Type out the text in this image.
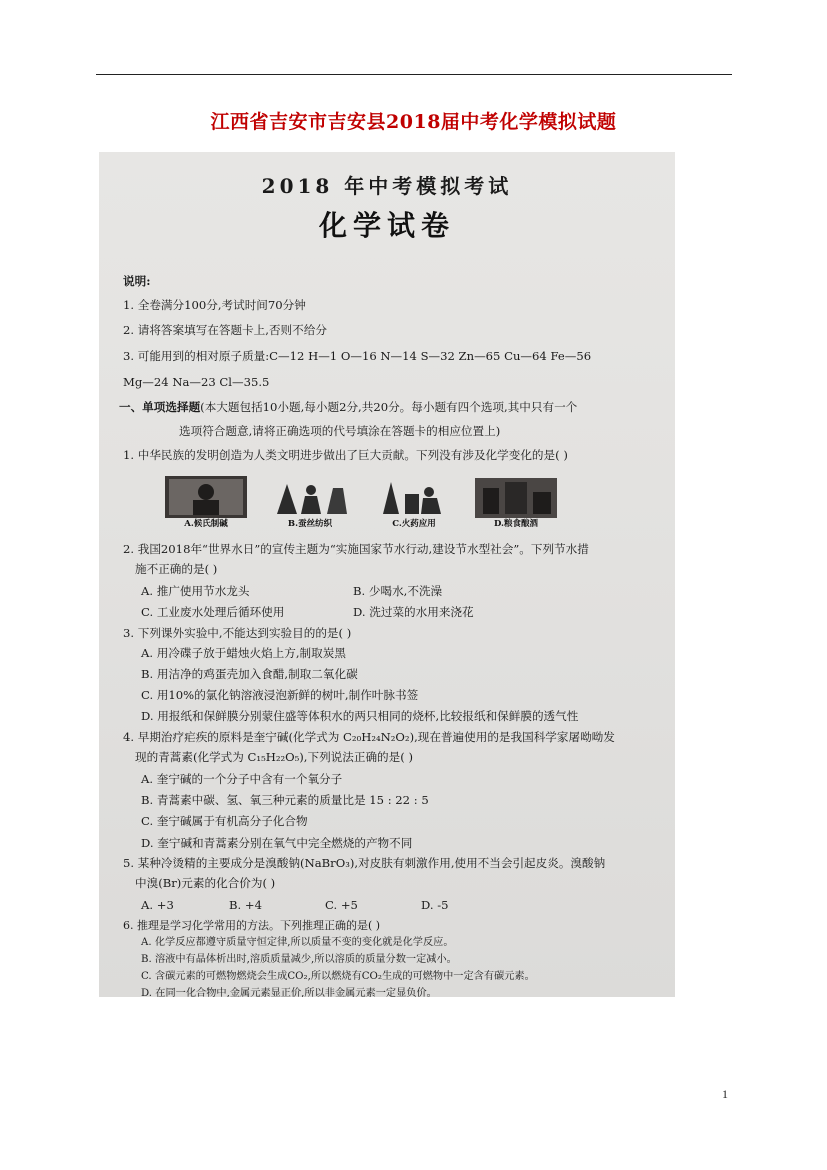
江西省吉安市吉安县2018届中考化学模拟试题
2018 年中考模拟考试
化学试卷
说明:
1. 全卷满分100分,考试时间70分钟
2. 请将答案填写在答题卡上,否则不给分
3. 可能用到的相对原子质量:C—12 H—1 O—16 N—14 S—32 Zn—65 Cu—64 Fe—56
Mg—24 Na—23 Cl—35.5
一、单项选择题(本大题包括10小题,每小题2分,共20分。每小题有四个选项,其中只有一个
选项符合题意,请将正确选项的代号填涂在答题卡的相应位置上)
1. 中华民族的发明创造为人类文明进步做出了巨大贡献。下列没有涉及化学变化的是( )
A.候氏制碱	B.蚕丝纺织	C.火药应用	D.粮食酿酒
2. 我国2018年“世界水日”的宣传主题为“实施国家节水行动,建设节水型社会”。下列节水措
施不正确的是( )
A. 推广使用节水龙头	B. 少喝水,不洗澡
C. 工业废水处理后循环使用	D. 洗过菜的水用来浇花
3. 下列课外实验中,不能达到实验目的的是( )
A. 用冷碟子放于蜡烛火焰上方,制取炭黑
B. 用洁净的鸡蛋壳加入食醋,制取二氧化碳
C. 用10%的氯化钠溶液浸泡新鲜的树叶,制作叶脉书签
D. 用报纸和保鲜膜分别蒙住盛等体积水的两只相同的烧杯,比较报纸和保鲜膜的透气性
4. 早期治疗疟疾的原料是奎宁碱(化学式为 C₂₀H₂₄N₂O₂),现在普遍使用的是我国科学家屠呦呦发
现的青蒿素(化学式为 C₁₅H₂₂O₅),下列说法正确的是( )
A. 奎宁碱的一个分子中含有一个氧分子
B. 青蒿素中碳、氢、氧三种元素的质量比是 15 : 22 : 5
C. 奎宁碱属于有机高分子化合物
D. 奎宁碱和青蒿素分别在氧气中完全燃烧的产物不同
5. 某种冷烫精的主要成分是溴酸钠(NaBrO₃),对皮肤有刺激作用,使用不当会引起皮炎。溴酸钠
中溴(Br)元素的化合价为( )
A. +3	B. +4	C. +5	D. -5
6. 推理是学习化学常用的方法。下列推理正确的是( )
A. 化学反应都遵守质量守恒定律,所以质量不变的变化就是化学反应。
B. 溶液中有晶体析出时,溶质质量减少,所以溶质的质量分数一定减小。
C. 含碳元素的可燃物燃烧会生成CO₂,所以燃烧有CO₂生成的可燃物中一定含有碳元素。
D. 在同一化合物中,金属元素显正价,所以非金属元素一定显负价。
1
